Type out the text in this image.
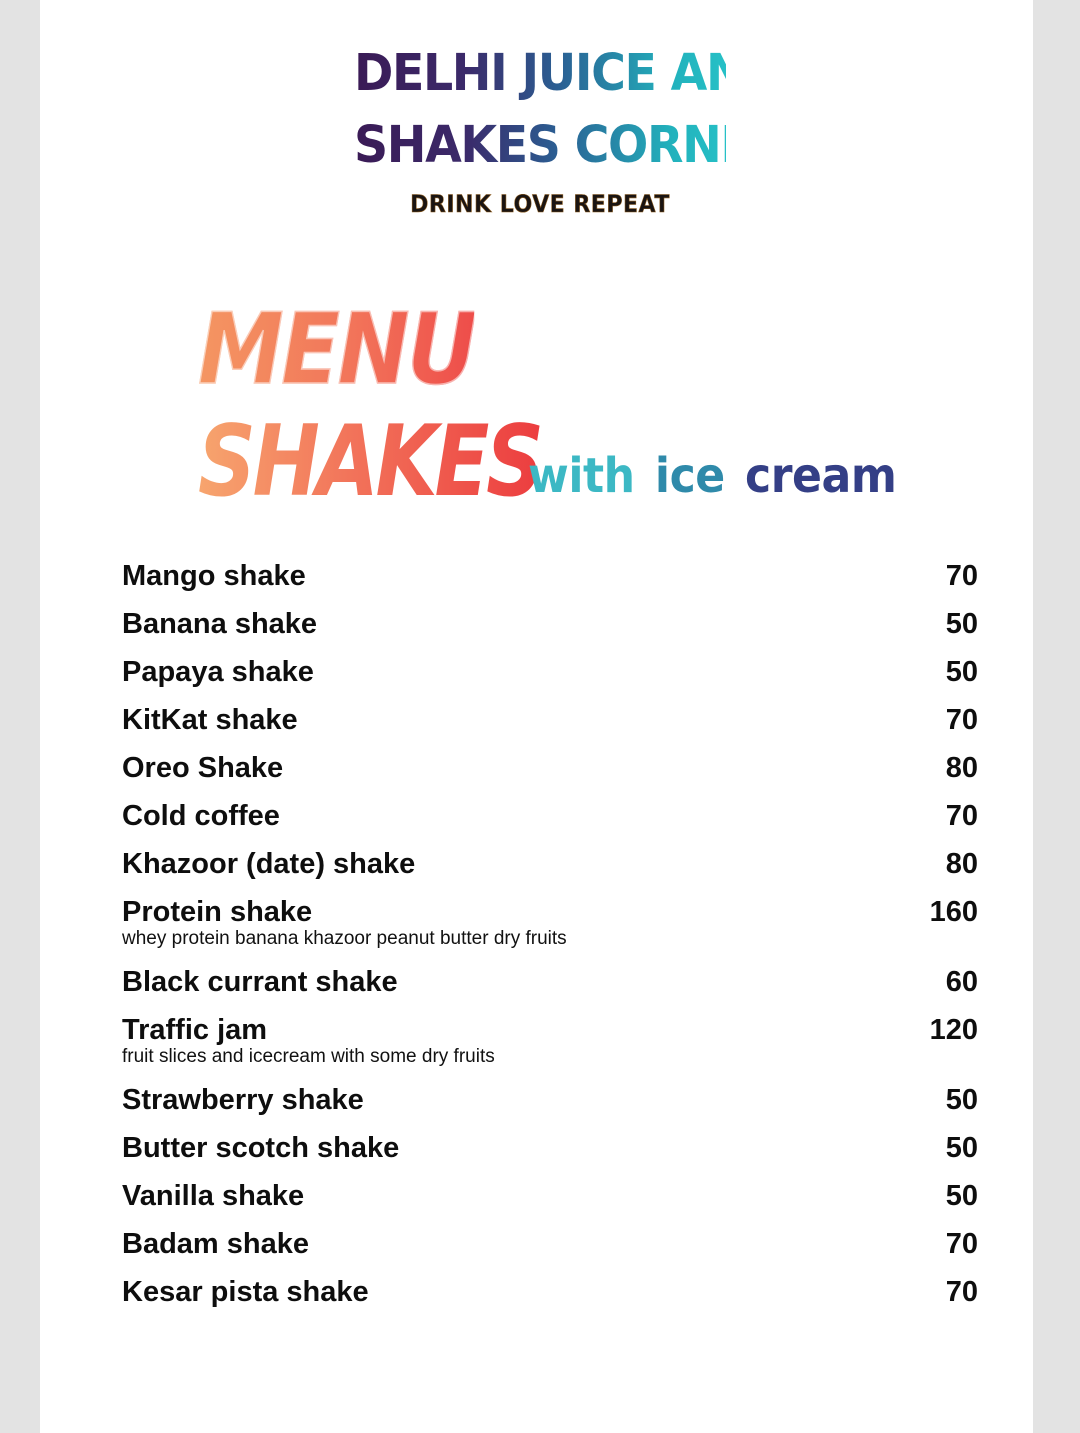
DELHI JUICE AND
SHAKES CORNER
DRINK LOVE REPEAT
MENU
SHAKES
with ice cream
Mango shake	70
Banana shake	50
Papaya shake	50
KitKat shake	70
Oreo Shake	80
Cold coffee	70
Khazoor (date) shake	80
Protein shake	160
whey protein banana khazoor peanut butter dry fruits
Black currant shake	60
Traffic jam	120
fruit slices and icecream with some dry fruits
Strawberry shake	50
Butter scotch shake	50
Vanilla shake	50
Badam shake	70
Kesar pista shake	70
